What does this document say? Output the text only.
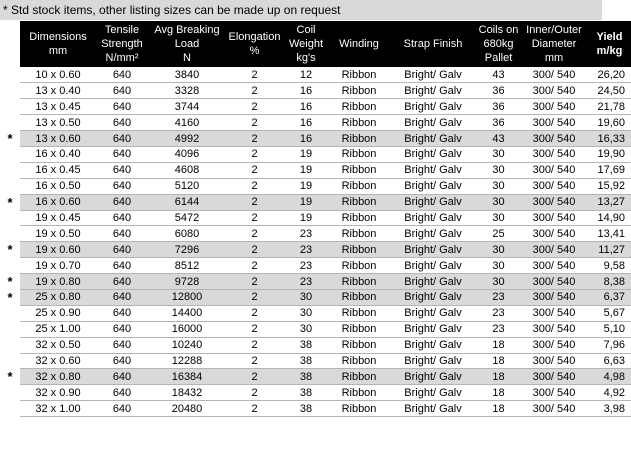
* Std stock items, other listing sizes can be made up on request

	Dimensions
mm	Tensile
Strength
N/mm²	Avg Breaking
Load
N	Elongation
%	Coil
Weight
kg's	Winding	Strap Finish	Coils on
680kg
Pallet	Inner/Outer
Diameter
mm	Yield
m/kg

	10 x 0.60	640	3840	2	12	Ribbon	Bright/ Galv	43	300/ 540	26,20
	13 x 0.40	640	3328	2	16	Ribbon	Bright/ Galv	36	300/ 540	24,50
	13 x 0.45	640	3744	2	16	Ribbon	Bright/ Galv	36	300/ 540	21,78
	13 x 0.50	640	4160	2	16	Ribbon	Bright/ Galv	36	300/ 540	19,60
*	13 x 0.60	640	4992	2	16	Ribbon	Bright/ Galv	43	300/ 540	16,33
	16 x 0.40	640	4096	2	19	Ribbon	Bright/ Galv	30	300/ 540	19,90
	16 x 0.45	640	4608	2	19	Ribbon	Bright/ Galv	30	300/ 540	17,69
	16 x 0.50	640	5120	2	19	Ribbon	Bright/ Galv	30	300/ 540	15,92
*	16 x 0.60	640	6144	2	19	Ribbon	Bright/ Galv	30	300/ 540	13,27
	19 x 0.45	640	5472	2	19	Ribbon	Bright/ Galv	30	300/ 540	14,90
	19 x 0.50	640	6080	2	23	Ribbon	Bright/ Galv	25	300/ 540	13,41
*	19 x 0.60	640	7296	2	23	Ribbon	Bright/ Galv	30	300/ 540	11,27
	19 x 0.70	640	8512	2	23	Ribbon	Bright/ Galv	30	300/ 540	9,58
*	19 x 0.80	640	9728	2	23	Ribbon	Bright/ Galv	30	300/ 540	8,38
*	25 x 0.80	640	12800	2	30	Ribbon	Bright/ Galv	23	300/ 540	6,37
	25 x 0.90	640	14400	2	30	Ribbon	Bright/ Galv	23	300/ 540	5,67
	25 x 1.00	640	16000	2	30	Ribbon	Bright/ Galv	23	300/ 540	5,10
	32 x 0.50	640	10240	2	38	Ribbon	Bright/ Galv	18	300/ 540	7,96
	32 x 0.60	640	12288	2	38	Ribbon	Bright/ Galv	18	300/ 540	6,63
*	32 x 0.80	640	16384	2	38	Ribbon	Bright/ Galv	18	300/ 540	4,98
	32 x 0.90	640	18432	2	38	Ribbon	Bright/ Galv	18	300/ 540	4,92
	32 x 1.00	640	20480	2	38	Ribbon	Bright/ Galv	18	300/ 540	3,98
